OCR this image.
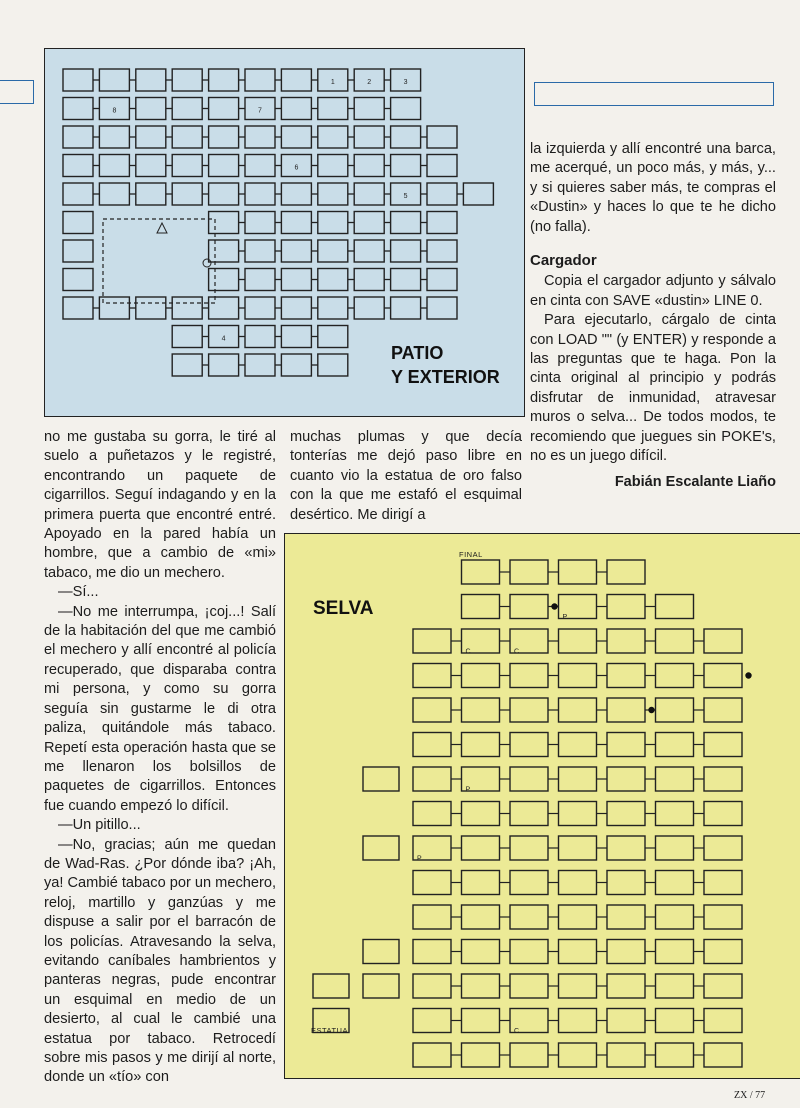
1	2	3
4
5
6
7
8
PATIO
Y EXTERIOR

la izquierda y allí encontré una barca, me acerqué, un poco más, y más, y... y si quieres saber más, te compras el «Dustin» y haces lo que te he dicho (no falla).

Cargador

Copia el cargador adjunto y sálvalo en cinta con SAVE «dustin» LINE 0.

Para ejecutarlo, cárgalo de cinta con LOAD "" (y ENTER) y responde a las preguntas que te haga. Pon la cinta original al principio y podrás disfrutar de inmunidad, atravesar muros o selva... De todos modos, te recomiendo que juegues sin POKE's, no es un juego difícil.

Fabián Escalante Liaño

no me gustaba su gorra, le tiré al suelo a puñetazos y le registré, encontrando un paquete de cigarrillos. Seguí indagando y en la primera puerta que encontré entré. Apoyado en la pared había un hombre, que a cambio de «mi» tabaco, me dio un mechero.

—Sí...

—No me interrumpa, ¡coj...! Salí de la habitación del que me cambió el mechero y allí encontré al policía recuperado, que disparaba contra mi persona, y como su gorra seguía sin gustarme le di otra paliza, quitándole más tabaco. Repetí esta operación hasta que se me llenaron los bolsillos de paquetes de cigarrillos. Entonces fue cuando empezó lo difícil.

—Un pitillo...

—No, gracias; aún me quedan de Wad-Ras. ¿Por dónde iba? ¡Ah, ya! Cambié tabaco por un mechero, reloj, martillo y ganzúas y me dispuse a salir por el barracón de los policías. Atravesando la selva, evitando caníbales hambrientos y panteras negras, pude encontrar un esquimal en medio de un desierto, al cual le cambié una estatua por tabaco. Retrocedí sobre mis pasos y me dirijí al norte, donde un «tío» con

muchas plumas y que decía tonterías me dejó paso libre en cuanto vio la estatua de oro falso con la que me estafó el esquimal desértico. Me dirigí a

C
P
C
P
P
C
SELVA
FINAL
ESTATUA
ZX / 77
